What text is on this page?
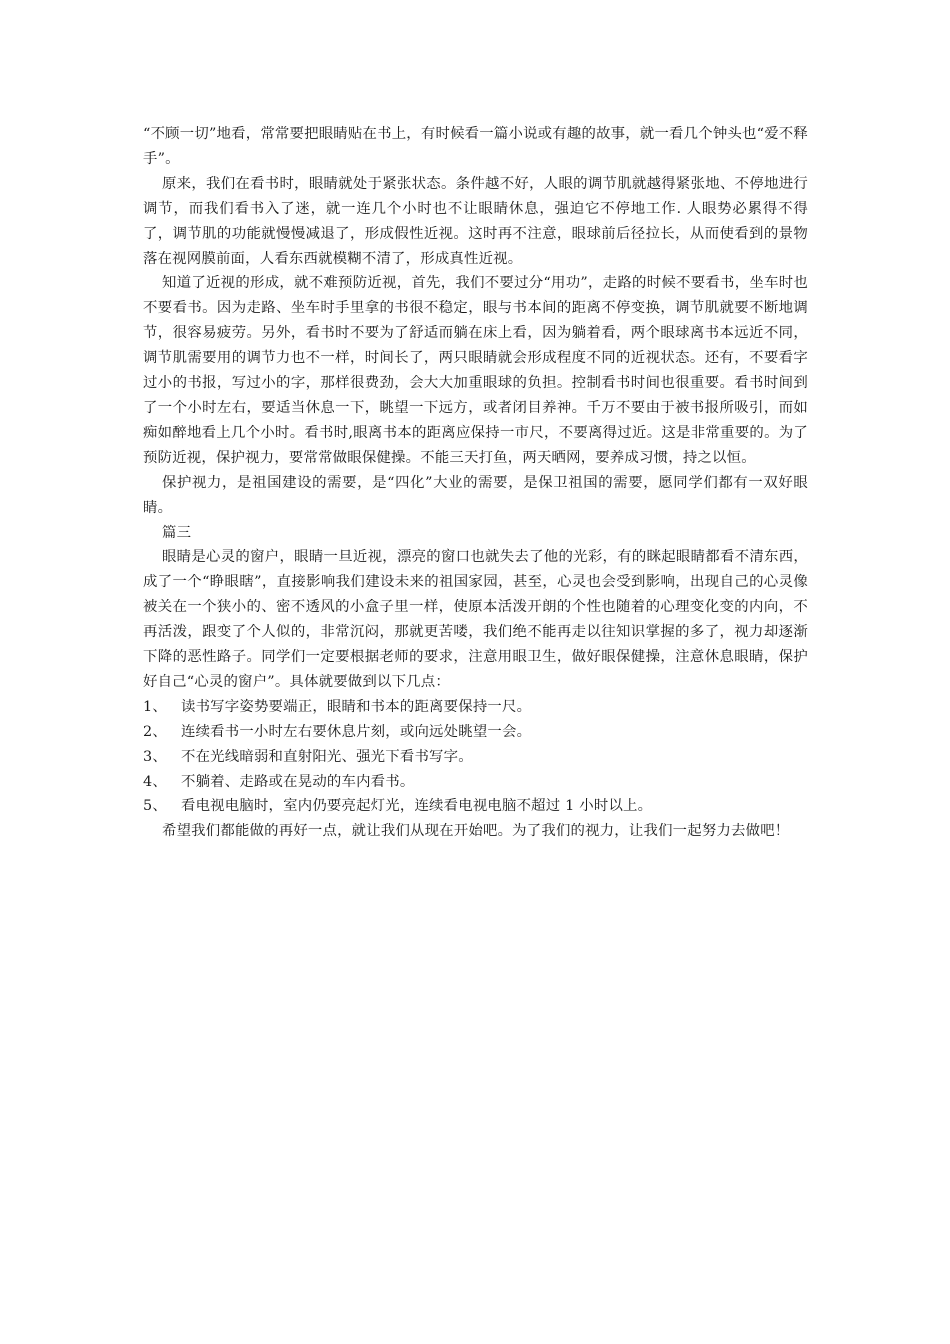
“不顾一切”地看，常常要把眼睛贴在书上，有时候看一篇小说或有趣的故事，就一看几个钟头也“爱不释手”。

原来，我们在看书时，眼睛就处于紧张状态。条件越不好，人眼的调节肌就越得紧张地、不停地进行调节，而我们看书入了迷，就一连几个小时也不让眼睛休息，强迫它不停地工作. 人眼势必累得不得了，调节肌的功能就慢慢减退了，形成假性近视。这时再不注意，眼球前后径拉长，从而使看到的景物落在视网膜前面，人看东西就模糊不清了，形成真性近视。

知道了近视的形成，就不难预防近视，首先，我们不要过分“用功”，走路的时候不要看书，坐车时也不要看书。因为走路、坐车时手里拿的书很不稳定，眼与书本间的距离不停变换，调节肌就要不断地调节，很容易疲劳。另外，看书时不要为了舒适而躺在床上看，因为躺着看，两个眼球离书本远近不同，调节肌需要用的调节力也不一样，时间长了，两只眼睛就会形成程度不同的近视状态。还有，不要看字过小的书报，写过小的字，那样很费劲，会大大加重眼球的负担。控制看书时间也很重要。看书时间到了一个小时左右，要适当休息一下，眺望一下远方，或者闭目养神。千万不要由于被书报所吸引，而如痴如醉地看上几个小时。看书时,眼离书本的距离应保持一市尺，不要离得过近。这是非常重要的。为了预防近视，保护视力，要常常做眼保健操。不能三天打鱼，两天晒网，要养成习惯，持之以恒。

保护视力，是祖国建设的需要，是“四化”大业的需要，是保卫祖国的需要，愿同学们都有一双好眼睛。

篇三

眼睛是心灵的窗户，眼睛一旦近视，漂亮的窗口也就失去了他的光彩，有的眯起眼睛都看不清东西，成了一个“睁眼瞎”，直接影响我们建设未来的祖国家园，甚至，心灵也会受到影响，出现自己的心灵像被关在一个狭小的、密不透风的小盒子里一样，使原本活泼开朗的个性也随着的心理变化变的内向，不再活泼，跟变了个人似的，非常沉闷，那就更苦喽，我们绝不能再走以往知识掌握的多了，视力却逐渐下降的恶性路子。同学们一定要根据老师的要求，注意用眼卫生，做好眼保健操，注意休息眼睛，保护好自己“心灵的窗户”。具体就要做到以下几点：

1、 读书写字姿势要端正，眼睛和书本的距离要保持一尺。

2、 连续看书一小时左右要休息片刻，或向远处眺望一会。

3、 不在光线暗弱和直射阳光、强光下看书写字。

4、 不躺着、走路或在晃动的车内看书。

5、 看电视电脑时，室内仍要亮起灯光，连续看电视电脑不超过 1 小时以上。

希望我们都能做的再好一点，就让我们从现在开始吧。为了我们的视力，让我们一起努力去做吧！
